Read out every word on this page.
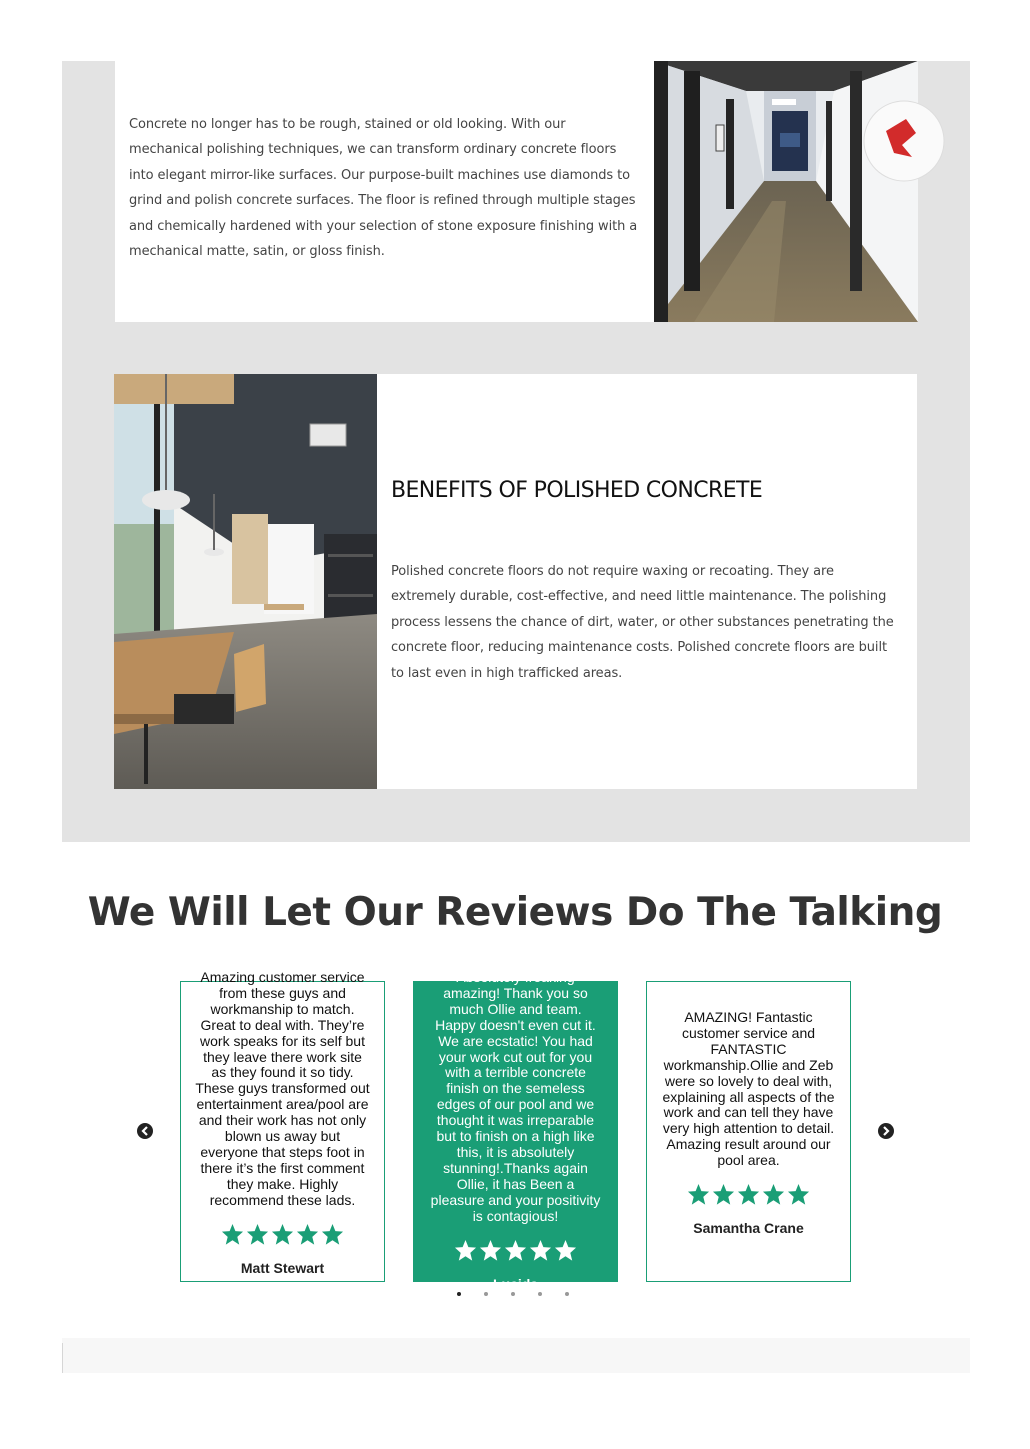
Concrete no longer has to be rough, stained or old looking. With our mechanical polishing techniques, we can transform ordinary concrete floors into elegant mirror-like surfaces. Our purpose-built machines use diamonds to grind and polish concrete surfaces. The floor is refined through multiple stages and chemically hardened with your selection of stone exposure finishing with a mechanical matte, satin, or gloss finish.

BENEFITS OF POLISHED CONCRETE

Polished concrete floors do not require waxing or recoating. They are extremely durable, cost-effective, and need little maintenance. The polishing process lessens the chance of dirt, water, or other substances penetrating the concrete floor, reducing maintenance costs. Polished concrete floors are built to last even in high trafficked areas.

We Will Let Our Reviews Do The Talking

Amazing customer service from these guys and workmanship to match. Great to deal with. They’re work speaks for its self but they leave there work site as they found it so tidy. These guys transformed out entertainment area/pool are and their work has not only blown us away but everyone that steps foot in there it’s the first comment they make. Highly recommend these lads.

Matt Stewart

Absolutely freaking amazing! Thank you so much Ollie and team. Happy doesn't even cut it. We are ecstatic! You had your work cut out for you with a terrible concrete finish on the semeless edges of our pool and we thought it was irreparable but to finish on a high like this, it is absolutely stunning!.Thanks again Ollie, it has Been a pleasure and your positivity is contagious!

Lucida

AMAZING! Fantastic customer service and FANTASTIC workmanship.Ollie and Zeb were so lovely to deal with, explaining all aspects of the work and can tell they have very high attention to detail. Amazing result around our pool area.

Samantha Crane
